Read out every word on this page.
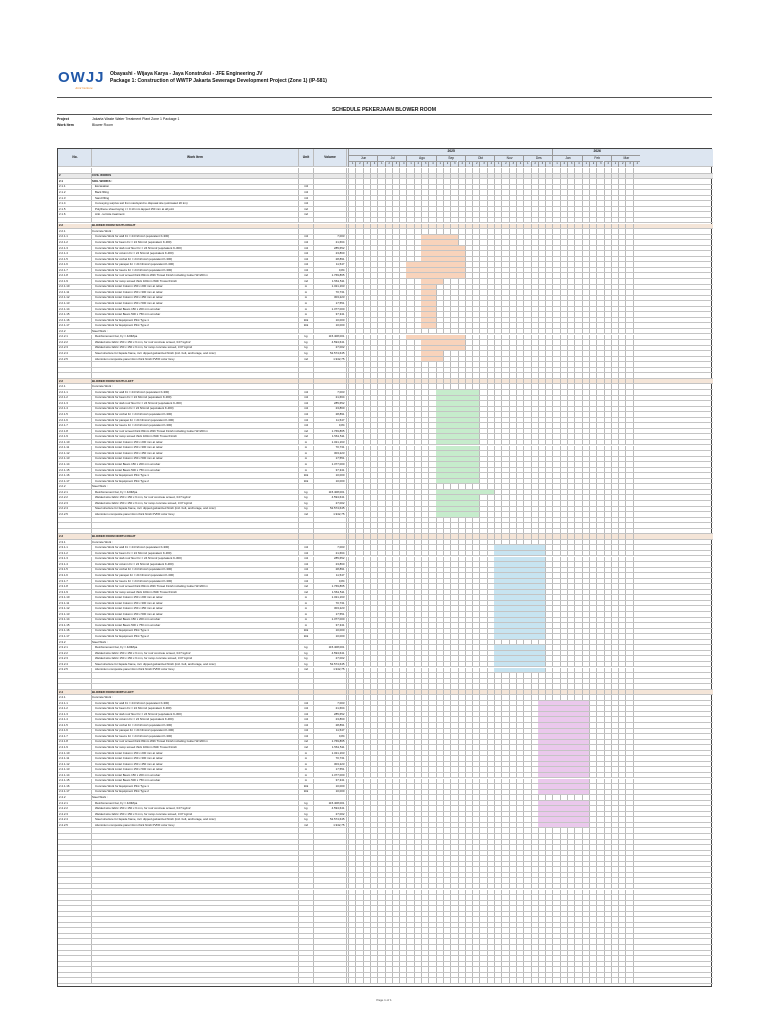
OWJJ
Joint Venture
Obayashi - Wijaya Karya - Jaya Konstruksi - JFE Engineering JV
Package 1: Construction of WWTP Jakarta Sewerage Development Project (Zone 1) (IP-581)
SCHEDULE PEKERJAAN BLOWER ROOM
Project	Jakarta Waste Water Treatment Plant Zone 1 Package 1
Work Item	Blower Room
No.	Work Item	Unit	Volume
2025	2026
Jun	Jul	Agu	Sep	Okt	Nov	Des	Jan	Feb	Mar
1	2	3	4	1	2	3	4	1	2	3	4	1	2	3	4	1	2	3	4	1	2	3	4	1	2	3	4	1	2	3	4	1	2	3	4	1	2	3	4
2	CIVIL WORKS
2.1	SOIL WORKS :
2.1.1	Excavation	m3
2.1.2	Back filling	m3
2.1.3	Sand filling	m3
2.1.4	Conveying surplus soil from stockyard to disposal site (estimated 20 km)	m3
2.1.5	Polythene sheet laying t = 0.10 mm lapped 150 mm at all joint	m2
2.1.6	Anti - termite treatment	m2
2.2	BLOWER ROOM SOUTH RIGHT
2.2.1	Concrete Work :
2.2.1.1	Concrete Work for wall Fc = 24 N/mm2 (equivalent K-300)	m3	7,003
2.2.1.2	Concrete Work for beam Fc = 24 N/mm2 (equivalent K-300)	m3	21,664
2.2.1.3	Concrete Work for slab roof floor Fc = 24 N/mm2 (equivalent K-300)	m3	285,652
2.2.1.4	Concrete Work for column Fc = 24 N/mm2 (equivalent K-300)	m3	23,860
2.2.1.5	Concrete Work for corbel Fc = 24 N/mm2 (equivalent K-300)	m3	28,891
2.2.1.6	Concrete Work for parapet Fc = 24 N/mm2 (equivalent K-300)	m3	11,547
2.2.1.7	Concrete Work for louvre Fc = 24 N/mm2 (equivalent K-300)	m3	0,84
2.2.1.8	Concrete Work for roof screed thick 80mm With Trowel Finish including Gutter W=200 m	m2	1.769,865
2.2.1.9	Concrete Work for ramp screed thick 100mm With Trowel Finish	m2	1.561,511
2.2.1.10	Concrete Work Lintel Column 150 x 200 mm at rebar	m	1.321,163
2.2.1.11	Concrete Work Lintel Column 150 x 300 mm at rebar	m	70,731
2.2.1.12	Concrete Work Lintel Column 150 x 450 mm at rebar	m	303,223
2.2.1.13	Concrete Work Lintel Column 150 x 500 mm at rebar	m	17,551
2.2.1.14	Concrete Work Lintel Beam 150 x 200 mm at rebar	m	1.377,000
2.2.1.15	Concrete Work Lintel Beam 500 x 750 mm at rebar	m	37,341
2.2.1.16	Concrete Work for Equipment Plint Type 1	titik	10,000
2.2.1.17	Concrete Work for Equipment Plint Type 2	titik	10,000
2.2.2	Steel Work :
2.2.2.1	Reinforcement bar, Fy = 420Mpa	kg	115.408,001
2.2.2.2	Welded wire fabric 150 x 150 x 6 mm, for roof concrete screed, 3.07 kg/m2	kg	4.594,641
2.2.2.3	Welded wire fabric 150 x 150 x 6 mm, for ramp concrete screed, 3.07 kg/m2	kg	27,002
2.2.2.4	Steel structure for façade frame, incl. dipped galvanized finish (incl. bolt, anchorage, and misc)	kg	52.574,645
2.2.2.5	Aluminium composite panel 4mm thick finish PVDF color Grey	m2	1.942,75
2.2	BLOWER ROOM SOUTH LEFT
2.2.1	Concrete Work :
2.2.1.1	Concrete Work for wall Fc = 24 N/mm2 (equivalent K-300)	m3	7,003
2.2.1.2	Concrete Work for beam Fc = 24 N/mm2 (equivalent K-300)	m3	21,664
2.2.1.3	Concrete Work for slab roof floor Fc = 24 N/mm2 (equivalent K-300)	m3	285,652
2.2.1.4	Concrete Work for column Fc = 24 N/mm2 (equivalent K-300)	m3	23,860
2.2.1.5	Concrete Work for corbel Fc = 24 N/mm2 (equivalent K-300)	m3	28,891
2.2.1.6	Concrete Work for parapet Fc = 24 N/mm2 (equivalent K-300)	m3	11,547
2.2.1.7	Concrete Work for louvre Fc = 24 N/mm2 (equivalent K-300)	m3	0,84
2.2.1.8	Concrete Work for roof screed thick 80mm With Trowel Finish including Gutter W=200 m	m2	1.769,865
2.2.1.9	Concrete Work for ramp screed thick 100mm With Trowel Finish	m2	1.561,511
2.2.1.10	Concrete Work Lintel Column 150 x 200 mm at rebar	m	1.321,163
2.2.1.11	Concrete Work Lintel Column 150 x 300 mm at rebar	m	70,731
2.2.1.12	Concrete Work Lintel Column 150 x 450 mm at rebar	m	303,223
2.2.1.13	Concrete Work Lintel Column 150 x 500 mm at rebar	m	17,551
2.2.1.14	Concrete Work Lintel Beam 150 x 200 mm at rebar	m	1.377,000
2.2.1.15	Concrete Work Lintel Beam 500 x 750 mm at rebar	m	37,341
2.2.1.16	Concrete Work for Equipment Plint Type 1	titik	10,000
2.2.1.17	Concrete Work for Equipment Plint Type 2	titik	10,000
2.2.2	Steel Work :
2.2.2.1	Reinforcement bar, Fy = 420Mpa	kg	115.408,001
2.2.2.2	Welded wire fabric 150 x 150 x 6 mm, for roof concrete screed, 3.07 kg/m2	kg	4.594,641
2.2.2.3	Welded wire fabric 150 x 150 x 6 mm, for ramp concrete screed, 3.07 kg/m2	kg	27,002
2.2.2.4	Steel structure for façade frame, incl. dipped galvanized finish (incl. bolt, anchorage, and misc)	kg	52.574,645
2.2.2.5	Aluminium composite panel 4mm thick finish PVDF color Grey	m2	1.942,75
2.3	BLOWER ROOM NORTH RIGHT
2.3.1	Concrete Work :
2.3.1.1	Concrete Work for wall Fc = 24 N/mm2 (equivalent K-300)	m3	7,003
2.3.1.2	Concrete Work for beam Fc = 24 N/mm2 (equivalent K-300)	m3	21,664
2.3.1.3	Concrete Work for slab roof floor Fc = 24 N/mm2 (equivalent K-300)	m3	285,652
2.3.1.4	Concrete Work for column Fc = 24 N/mm2 (equivalent K-300)	m3	23,860
2.3.1.5	Concrete Work for corbel Fc = 24 N/mm2 (equivalent K-300)	m3	28,891
2.3.1.6	Concrete Work for parapet Fc = 24 N/mm2 (equivalent K-300)	m3	11,547
2.3.1.7	Concrete Work for louvre Fc = 24 N/mm2 (equivalent K-300)	m3	0,84
2.3.1.8	Concrete Work for roof screed thick 80mm With Trowel Finish including Gutter W=200 m	m2	1.769,865
2.3.1.9	Concrete Work for ramp screed thick 100mm With Trowel Finish	m2	1.561,511
2.3.1.10	Concrete Work Lintel Column 150 x 200 mm at rebar	m	1.321,163
2.3.1.11	Concrete Work Lintel Column 150 x 300 mm at rebar	m	70,731
2.3.1.12	Concrete Work Lintel Column 150 x 450 mm at rebar	m	303,223
2.3.1.13	Concrete Work Lintel Column 150 x 500 mm at rebar	m	17,551
2.3.1.14	Concrete Work Lintel Beam 150 x 200 mm at rebar	m	1.377,000
2.3.1.15	Concrete Work Lintel Beam 500 x 750 mm at rebar	m	37,341
2.3.1.16	Concrete Work for Equipment Plint Type 1	titik	10,000
2.3.1.17	Concrete Work for Equipment Plint Type 2	titik	10,000
2.3.2	Steel Work :
2.3.2.1	Reinforcement bar, Fy = 420Mpa	kg	115.408,001
2.3.2.2	Welded wire fabric 150 x 150 x 6 mm, for roof concrete screed, 3.07 kg/m2	kg	4.594,641
2.3.2.3	Welded wire fabric 150 x 150 x 6 mm, for ramp concrete screed, 3.07 kg/m2	kg	27,002
2.3.2.4	Steel structure for façade frame, incl. dipped galvanized finish (incl. bolt, anchorage, and misc)	kg	52.574,645
2.3.2.5	Aluminium composite panel 4mm thick finish PVDF color Grey	m2	1.942,75
2.4	BLOWER ROOM NORTH LEFT
2.4.1	Concrete Work :
2.4.1.1	Concrete Work for wall Fc = 24 N/mm2 (equivalent K-300)	m3	7,003
2.4.1.2	Concrete Work for beam Fc = 24 N/mm2 (equivalent K-300)	m3	21,664
2.4.1.3	Concrete Work for slab roof floor Fc = 24 N/mm2 (equivalent K-300)	m3	285,652
2.4.1.4	Concrete Work for column Fc = 24 N/mm2 (equivalent K-300)	m3	23,860
2.4.1.5	Concrete Work for corbel Fc = 24 N/mm2 (equivalent K-300)	m3	28,891
2.4.1.6	Concrete Work for parapet Fc = 24 N/mm2 (equivalent K-300)	m3	11,547
2.4.1.7	Concrete Work for louvre Fc = 24 N/mm2 (equivalent K-300)	m3	0,84
2.4.1.8	Concrete Work for roof screed thick 80mm With Trowel Finish including Gutter W=200 m	m2	1.769,865
2.4.1.9	Concrete Work for ramp screed thick 100mm With Trowel Finish	m2	1.561,511
2.4.1.10	Concrete Work Lintel Column 150 x 200 mm at rebar	m	1.321,163
2.4.1.11	Concrete Work Lintel Column 150 x 300 mm at rebar	m	70,731
2.4.1.12	Concrete Work Lintel Column 150 x 450 mm at rebar	m	303,223
2.4.1.13	Concrete Work Lintel Column 150 x 500 mm at rebar	m	17,551
2.4.1.14	Concrete Work Lintel Beam 150 x 200 mm at rebar	m	1.377,000
2.4.1.15	Concrete Work Lintel Beam 500 x 750 mm at rebar	m	37,341
2.4.1.16	Concrete Work for Equipment Plint Type 1	titik	10,000
2.4.1.17	Concrete Work for Equipment Plint Type 2	titik	10,000
2.4.2	Steel Work :
2.4.2.1	Reinforcement bar, Fy = 420Mpa	kg	115.408,001
2.4.2.2	Welded wire fabric 150 x 150 x 6 mm, for roof concrete screed, 3.07 kg/m2	kg	4.594,641
2.4.2.3	Welded wire fabric 150 x 150 x 6 mm, for ramp concrete screed, 3.07 kg/m2	kg	27,002
2.4.2.4	Steel structure for façade frame, incl. dipped galvanized finish (incl. bolt, anchorage, and misc)	kg	52.574,645
2.4.2.5	Aluminium composite panel 4mm thick finish PVDF color Grey	m2	1.942,75
Page 1 of 1
